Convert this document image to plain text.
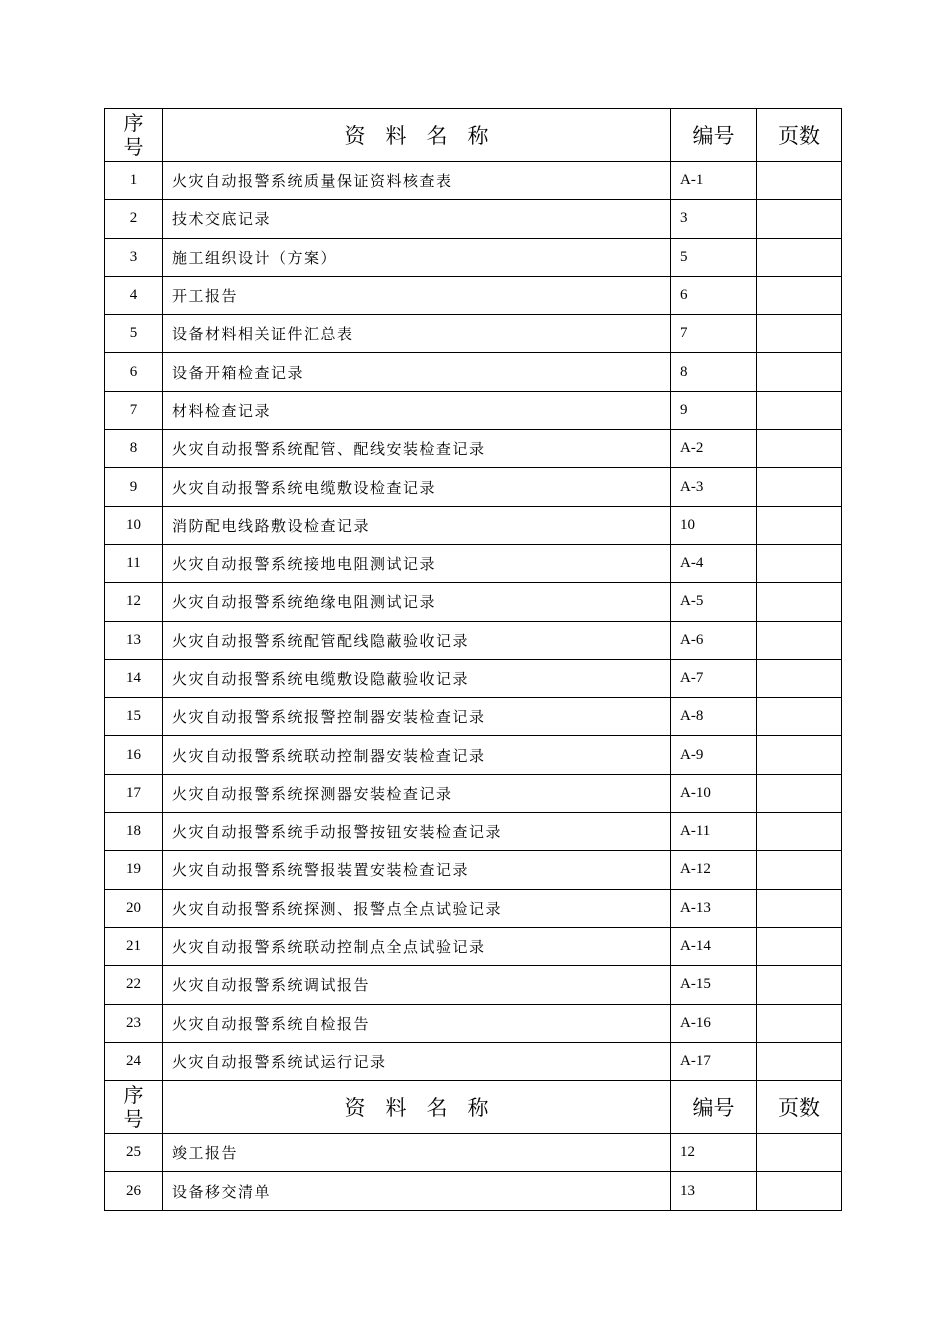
序
号	资料名称	编号	页数
1	火灾自动报警系统质量保证资料核查表	A-1	
2	技术交底记录	3	
3	施工组织设计（方案）	5	
4	开工报告	6	
5	设备材料相关证件汇总表	7	
6	设备开箱检查记录	8	
7	材料检查记录	9	
8	火灾自动报警系统配管、配线安装检查记录	A-2	
9	火灾自动报警系统电缆敷设检查记录	A-3	
10	消防配电线路敷设检查记录	10	
11	火灾自动报警系统接地电阻测试记录	A-4	
12	火灾自动报警系统绝缘电阻测试记录	A-5	
13	火灾自动报警系统配管配线隐蔽验收记录	A-6	
14	火灾自动报警系统电缆敷设隐蔽验收记录	A-7	
15	火灾自动报警系统报警控制器安装检查记录	A-8	
16	火灾自动报警系统联动控制器安装检查记录	A-9	
17	火灾自动报警系统探测器安装检查记录	A-10	
18	火灾自动报警系统手动报警按钮安装检查记录	A-11	
19	火灾自动报警系统警报装置安装检查记录	A-12	
20	火灾自动报警系统探测、报警点全点试验记录	A-13	
21	火灾自动报警系统联动控制点全点试验记录	A-14	
22	火灾自动报警系统调试报告	A-15	
23	火灾自动报警系统自检报告	A-16	
24	火灾自动报警系统试运行记录	A-17	

序
号	资料名称	编号	页数
25	竣工报告	12	
26	设备移交清单	13	
